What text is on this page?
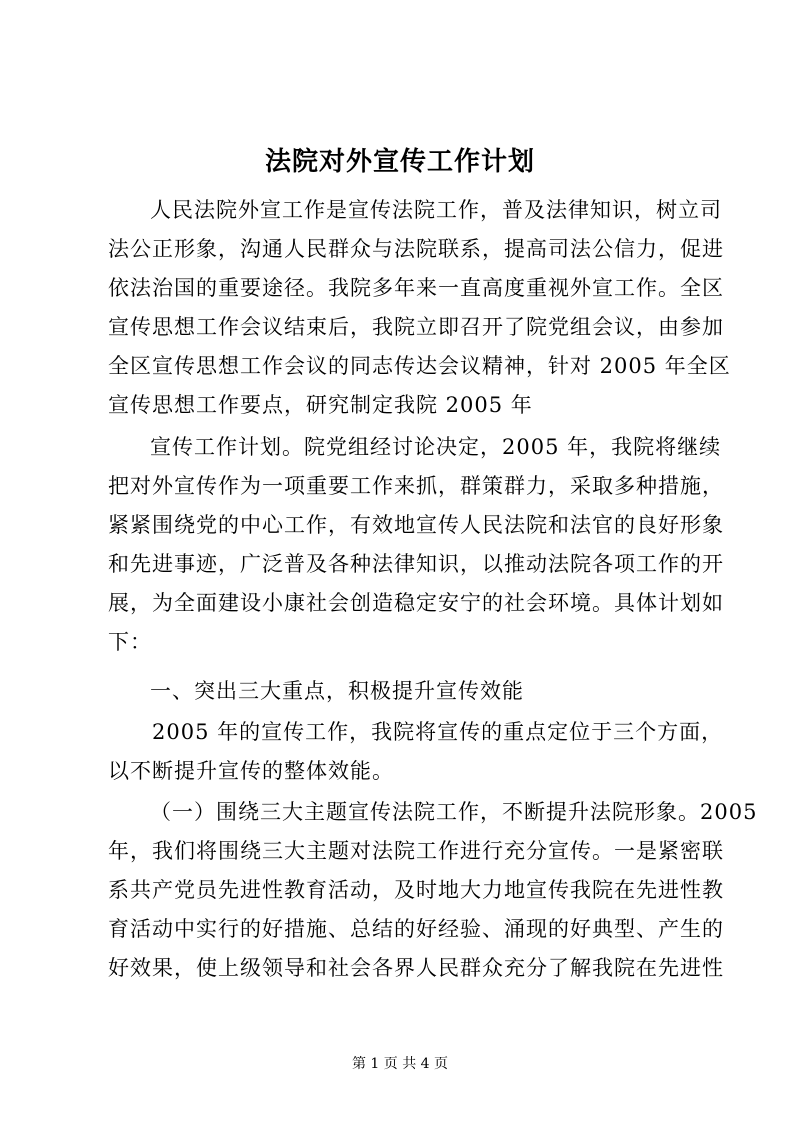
法院对外宣传工作计划
人民法院外宣工作是宣传法院工作，普及法律知识，树立司
法公正形象，沟通人民群众与法院联系，提高司法公信力，促进
依法治国的重要途径。我院多年来一直高度重视外宣工作。全区
宣传思想工作会议结束后，我院立即召开了院党组会议，由参加
全区宣传思想工作会议的同志传达会议精神，针对 2005 年全区
宣传思想工作要点，研究制定我院 2005 年
宣传工作计划。院党组经讨论决定，2005 年，我院将继续
把对外宣传作为一项重要工作来抓，群策群力，采取多种措施，
紧紧围绕党的中心工作，有效地宣传人民法院和法官的良好形象
和先进事迹，广泛普及各种法律知识，以推动法院各项工作的开
展，为全面建设小康社会创造稳定安宁的社会环境。具体计划如
下：
一、突出三大重点，积极提升宣传效能
2005 年的宣传工作，我院将宣传的重点定位于三个方面，
以不断提升宣传的整体效能。
（一）围绕三大主题宣传法院工作，不断提升法院形象。2005
年，我们将围绕三大主题对法院工作进行充分宣传。一是紧密联
系共产党员先进性教育活动，及时地大力地宣传我院在先进性教
育活动中实行的好措施、总结的好经验、涌现的好典型、产生的
好效果，使上级领导和社会各界人民群众充分了解我院在先进性
第 1 页 共 4 页
